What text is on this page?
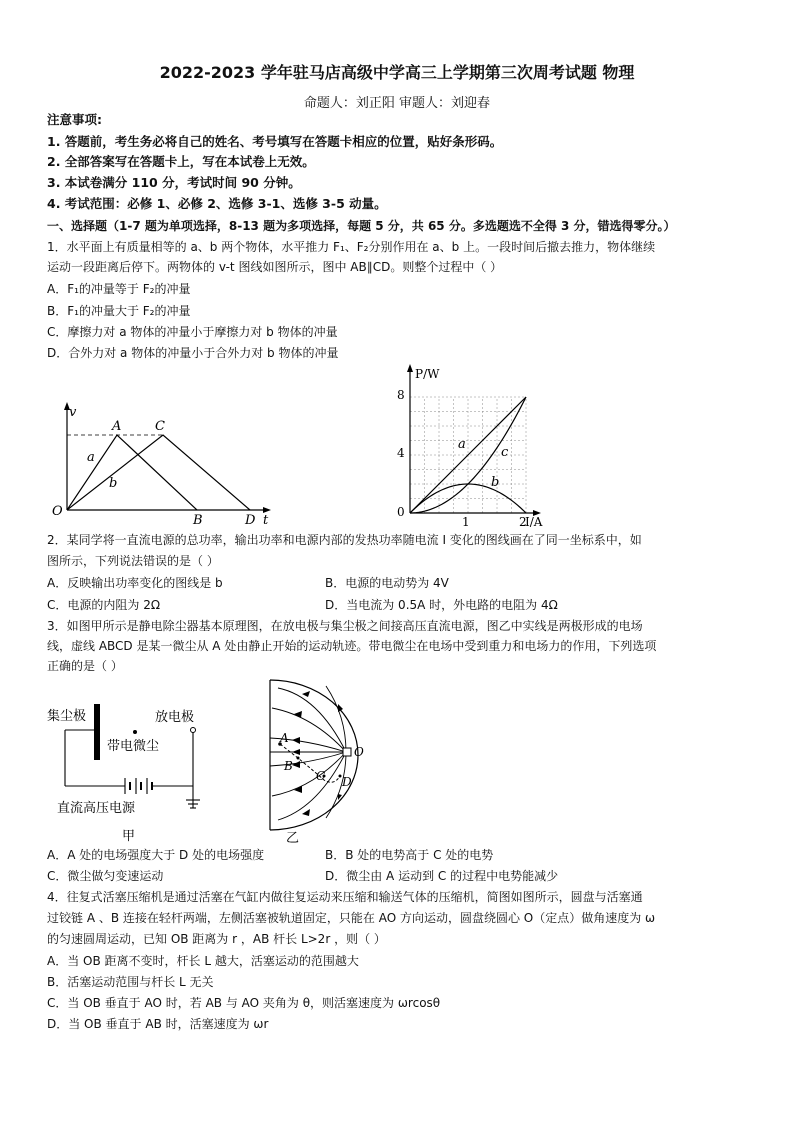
2022-2023 学年驻马店高级中学高三上学期第三次周考试题 物理
命题人：刘正阳 审题人：刘迎春
注意事项:
1. 答题前，考生务必将自己的姓名、考号填写在答题卡相应的位置，贴好条形码。
2. 全部答案写在答题卡上，写在本试卷上无效。
3. 本试卷满分 110 分，考试时间 90 分钟。
4. 考试范围：必修 1、必修 2、选修 3-1、选修 3-5 动量。
一、选择题（1-7 题为单项选择，8-13 题为多项选择，每题 5 分，共 65 分。多选题选不全得 3 分，错选得零分。）
1．水平面上有质量相等的 a、b 两个物体，水平推力 F₁、F₂分别作用在 a、b 上。一段时间后撤去推力，物体继续
运动一段距离后停下。两物体的 v-t 图线如图所示，图中 AB∥CD。则整个过程中（ ）
A．F₁的冲量等于 F₂的冲量
B．F₁的冲量大于 F₂的冲量
C．摩擦力对 a 物体的冲量小于摩擦力对 b 物体的冲量
D．合外力对 a 物体的冲量小于合外力对 b 物体的冲量
v
t
O
A	C
B	D
a
b
P/W
I/A
8
4
0
1	2
a
c
b
2．某同学将一直流电源的总功率，输出功率和电源内部的发热功率随电流 I 变化的图线画在了同一坐标系中，如
图所示，下列说法错误的是（ ）
A．反映输出功率变化的图线是 b	B．电源的电动势为 4V
C．电源的内阻为 2Ω	D．当电流为 0.5A 时，外电路的电阻为 4Ω
3．如图甲所示是静电除尘器基本原理图，在放电极与集尘极之间接高压直流电源，图乙中实线是两极形成的电场
线，虚线 ABCD 是某一微尘从 A 处由静止开始的运动轨迹。带电微尘在电场中受到重力和电场力的作用，下列选项
正确的是（ ）
集尘极	放电极
带电微尘
直流高压电源
甲
A
B
C D
O
乙
A．A 处的电场强度大于 D 处的电场强度	B．B 处的电势高于 C 处的电势
C．微尘做匀变速运动	D．微尘由 A 运动到 C 的过程中电势能减少
4．往复式活塞压缩机是通过活塞在气缸内做往复运动来压缩和输送气体的压缩机，简图如图所示，圆盘与活塞通
过铰链 A 、B 连接在轻杆两端，左侧活塞被轨道固定，只能在 AO 方向运动，圆盘绕圆心 O（定点）做角速度为 ω
的匀速圆周运动，已知 OB 距离为 r ，AB 杆长 L>2r ，则（ ）
A．当 OB 距离不变时，杆长 L 越大，活塞运动的范围越大
B．活塞运动范围与杆长 L 无关
C．当 OB 垂直于 AO 时，若 AB 与 AO 夹角为 θ，则活塞速度为 ωrcosθ
D．当 OB 垂直于 AB 时，活塞速度为 ωr
